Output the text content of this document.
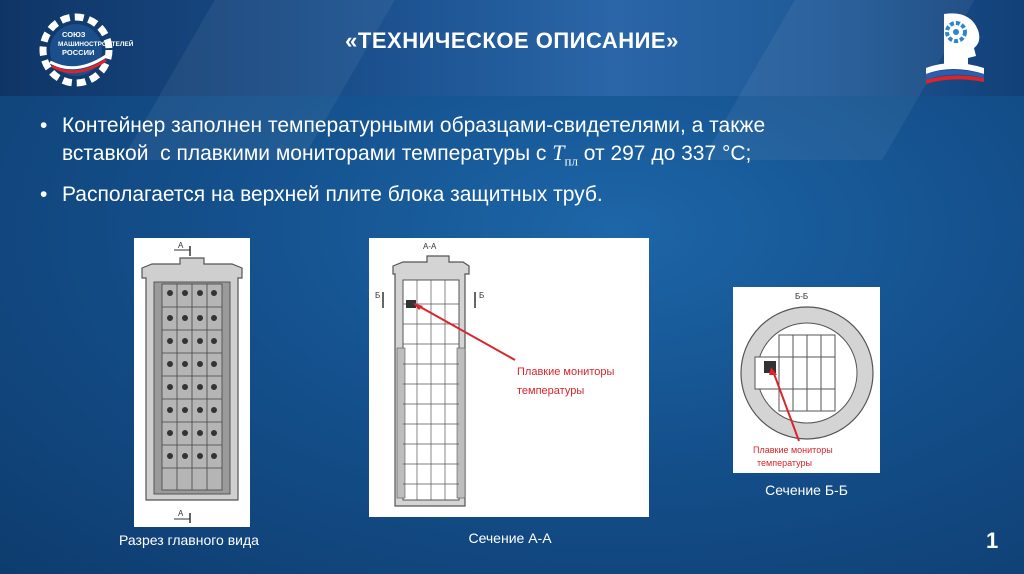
СОЮЗ
МАШИНОСТРОИТЕЛЕЙ
РОССИИ	«ТЕХНИЧЕСКОЕ ОПИСАНИЕ»
• Контейнер заполнен температурными образцами-свидетелями, а также
вставкой  с плавкими мониторами температуры с $T_{пл}$ от 297 до 337 °С;
• Располагается на верхней плите блока защитных труб.
А
А
Разрез главного вида
А-А
Б	Б
Плавкие мониторы
температуры
Сечение А-А
Б-Б
Плавкие мониторы
температуры
Сечение Б-Б
1
